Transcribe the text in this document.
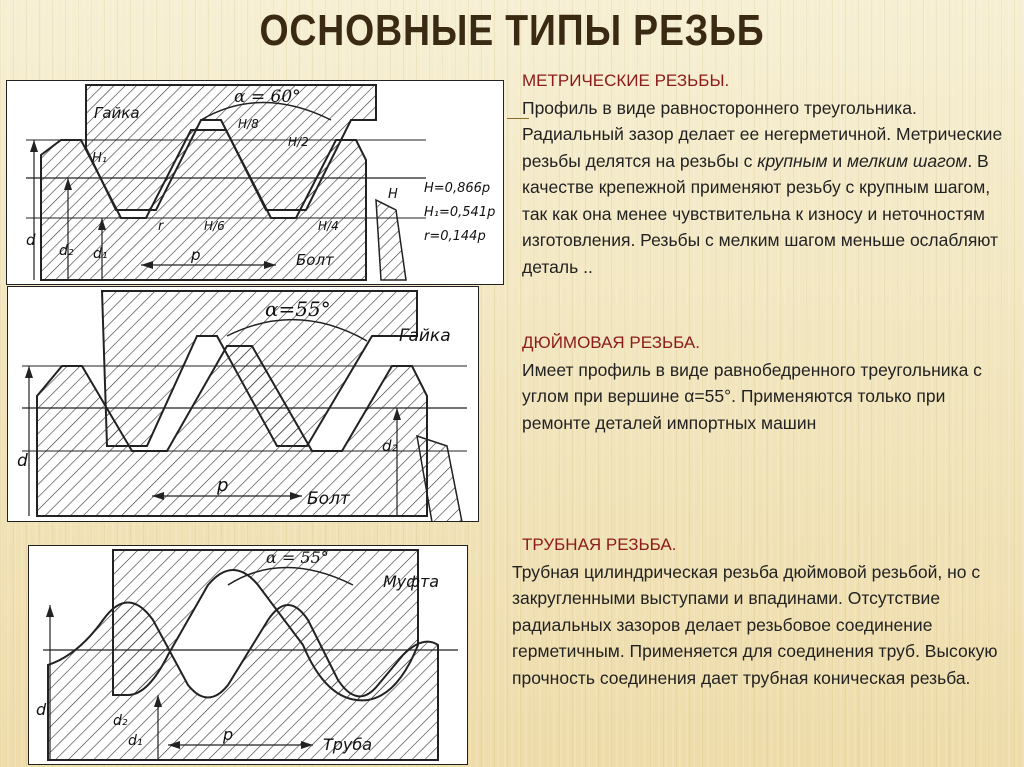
ОСНОВНЫЕ ТИПЫ РЕЗЬБ
α = 60°
Гайка
Болт
H=0,866p
H₁=0,541p
r=0,144p
d
d₂ d₁	p
r
H
H₁
H/8
H/2
H/6	H/4
α=55°
Гайка
Болт
d
d₂
p
α = 55°
Муфта
Труба
d
d₂
d₁	p
МЕТРИЧЕСКИЕ РЕЗЬБЫ.
Профиль в виде равностороннего треугольника. Радиальный зазор делает ее негерметичной. Метрические резьбы делятся на резьбы с крупным и мелким шагом. В качестве крепежной применяют резьбу с крупным шагом, так как она менее чувствительна к износу и неточностям изготовления. Резьбы с мелким шагом меньше ослабляют деталь ..
ДЮЙМОВАЯ РЕЗЬБА.
Имеет профиль в виде равнобедренного треугольника с углом при вершине α=55°. Применяются только при ремонте деталей импортных машин
ТРУБНАЯ РЕЗЬБА.
Трубная цилиндрическая резьба дюймовой резьбой, но с закругленными выступами и впадинами. Отсутствие радиальных зазоров делает резьбовое соединение герметичным. Применяется для соединения труб. Высокую прочность соединения дает трубная коническая резьба.
